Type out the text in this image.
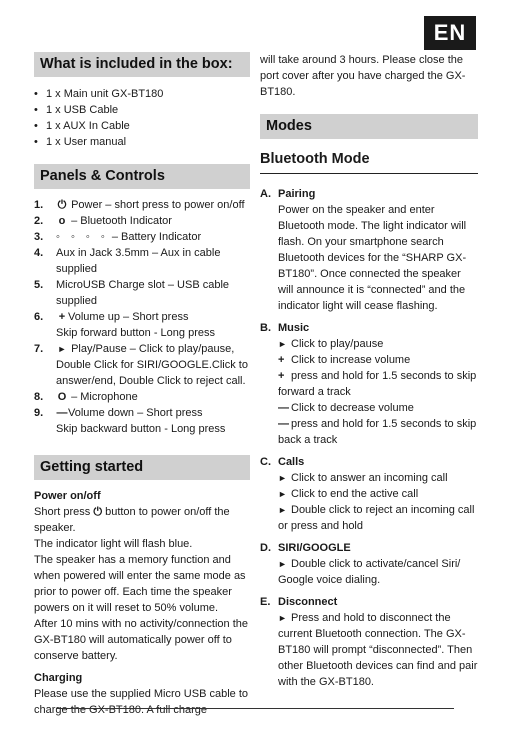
EN
What is included in the box:
• 1 x Main unit GX-BT180
• 1 x USB Cable
• 1 x AUX In Cable
• 1 x User manual
Panels & Controls
1. ⏻ Power – short press to power on/off
2. o – Bluetooth Indicator
3. ◦ ◦ ◦ ◦ – Battery Indicator
4. Aux in Jack 3.5mm – Aux in cable supplied
5. MicroUSB Charge slot – USB cable supplied
6. + Volume up – Short press
Skip forward button - Long press
7. ► Play/Pause – Click to play/pause, Double Click for SIRI/GOOGLE.Click to answer/end, Double Click to reject call.
8. O – Microphone
9. —Volume down – Short press
Skip backward button - Long press
Getting started
Power on/off
Short press ⏻ button to power on/off the speaker.
The indicator light will flash blue.
The speaker has a memory function and when powered will enter the same mode as prior to power off. Each time the speaker powers on it will reset to 50% volume.
After 10 mins with no activity/connection the GX-BT180 will automatically power off to conserve battery.
Charging
Please use the supplied Micro USB cable to charge the GX-BT180. A full charge
will take around 3 hours. Please close the port cover after you have charged the GX-BT180.
Modes
Bluetooth Mode
A. Pairing
Power on the speaker and enter Bluetooth mode. The light indicator will flash. On your smartphone search Bluetooth devices for the “SHARP GX-BT180”. Once connected the speaker will announce it is “connected” and the indicator light will cease flashing.
B. Music
► Click to play/pause
+ Click to increase volume
+ press and hold for 1.5 seconds to skip forward a track
— Click to decrease volume
— press and hold for 1.5 seconds to skip back a track
C. Calls
► Click to answer an incoming call
► Click to end the active call
► Double click to reject an incoming call or press and hold
D. SIRI/GOOGLE
► Double click to activate/cancel Siri/ Google voice dialing.
E. Disconnect
► Press and hold to disconnect the current Bluetooth connection. The GX-BT180 will prompt “disconnected”. Then other Bluetooth devices can find and pair with the GX-BT180.
